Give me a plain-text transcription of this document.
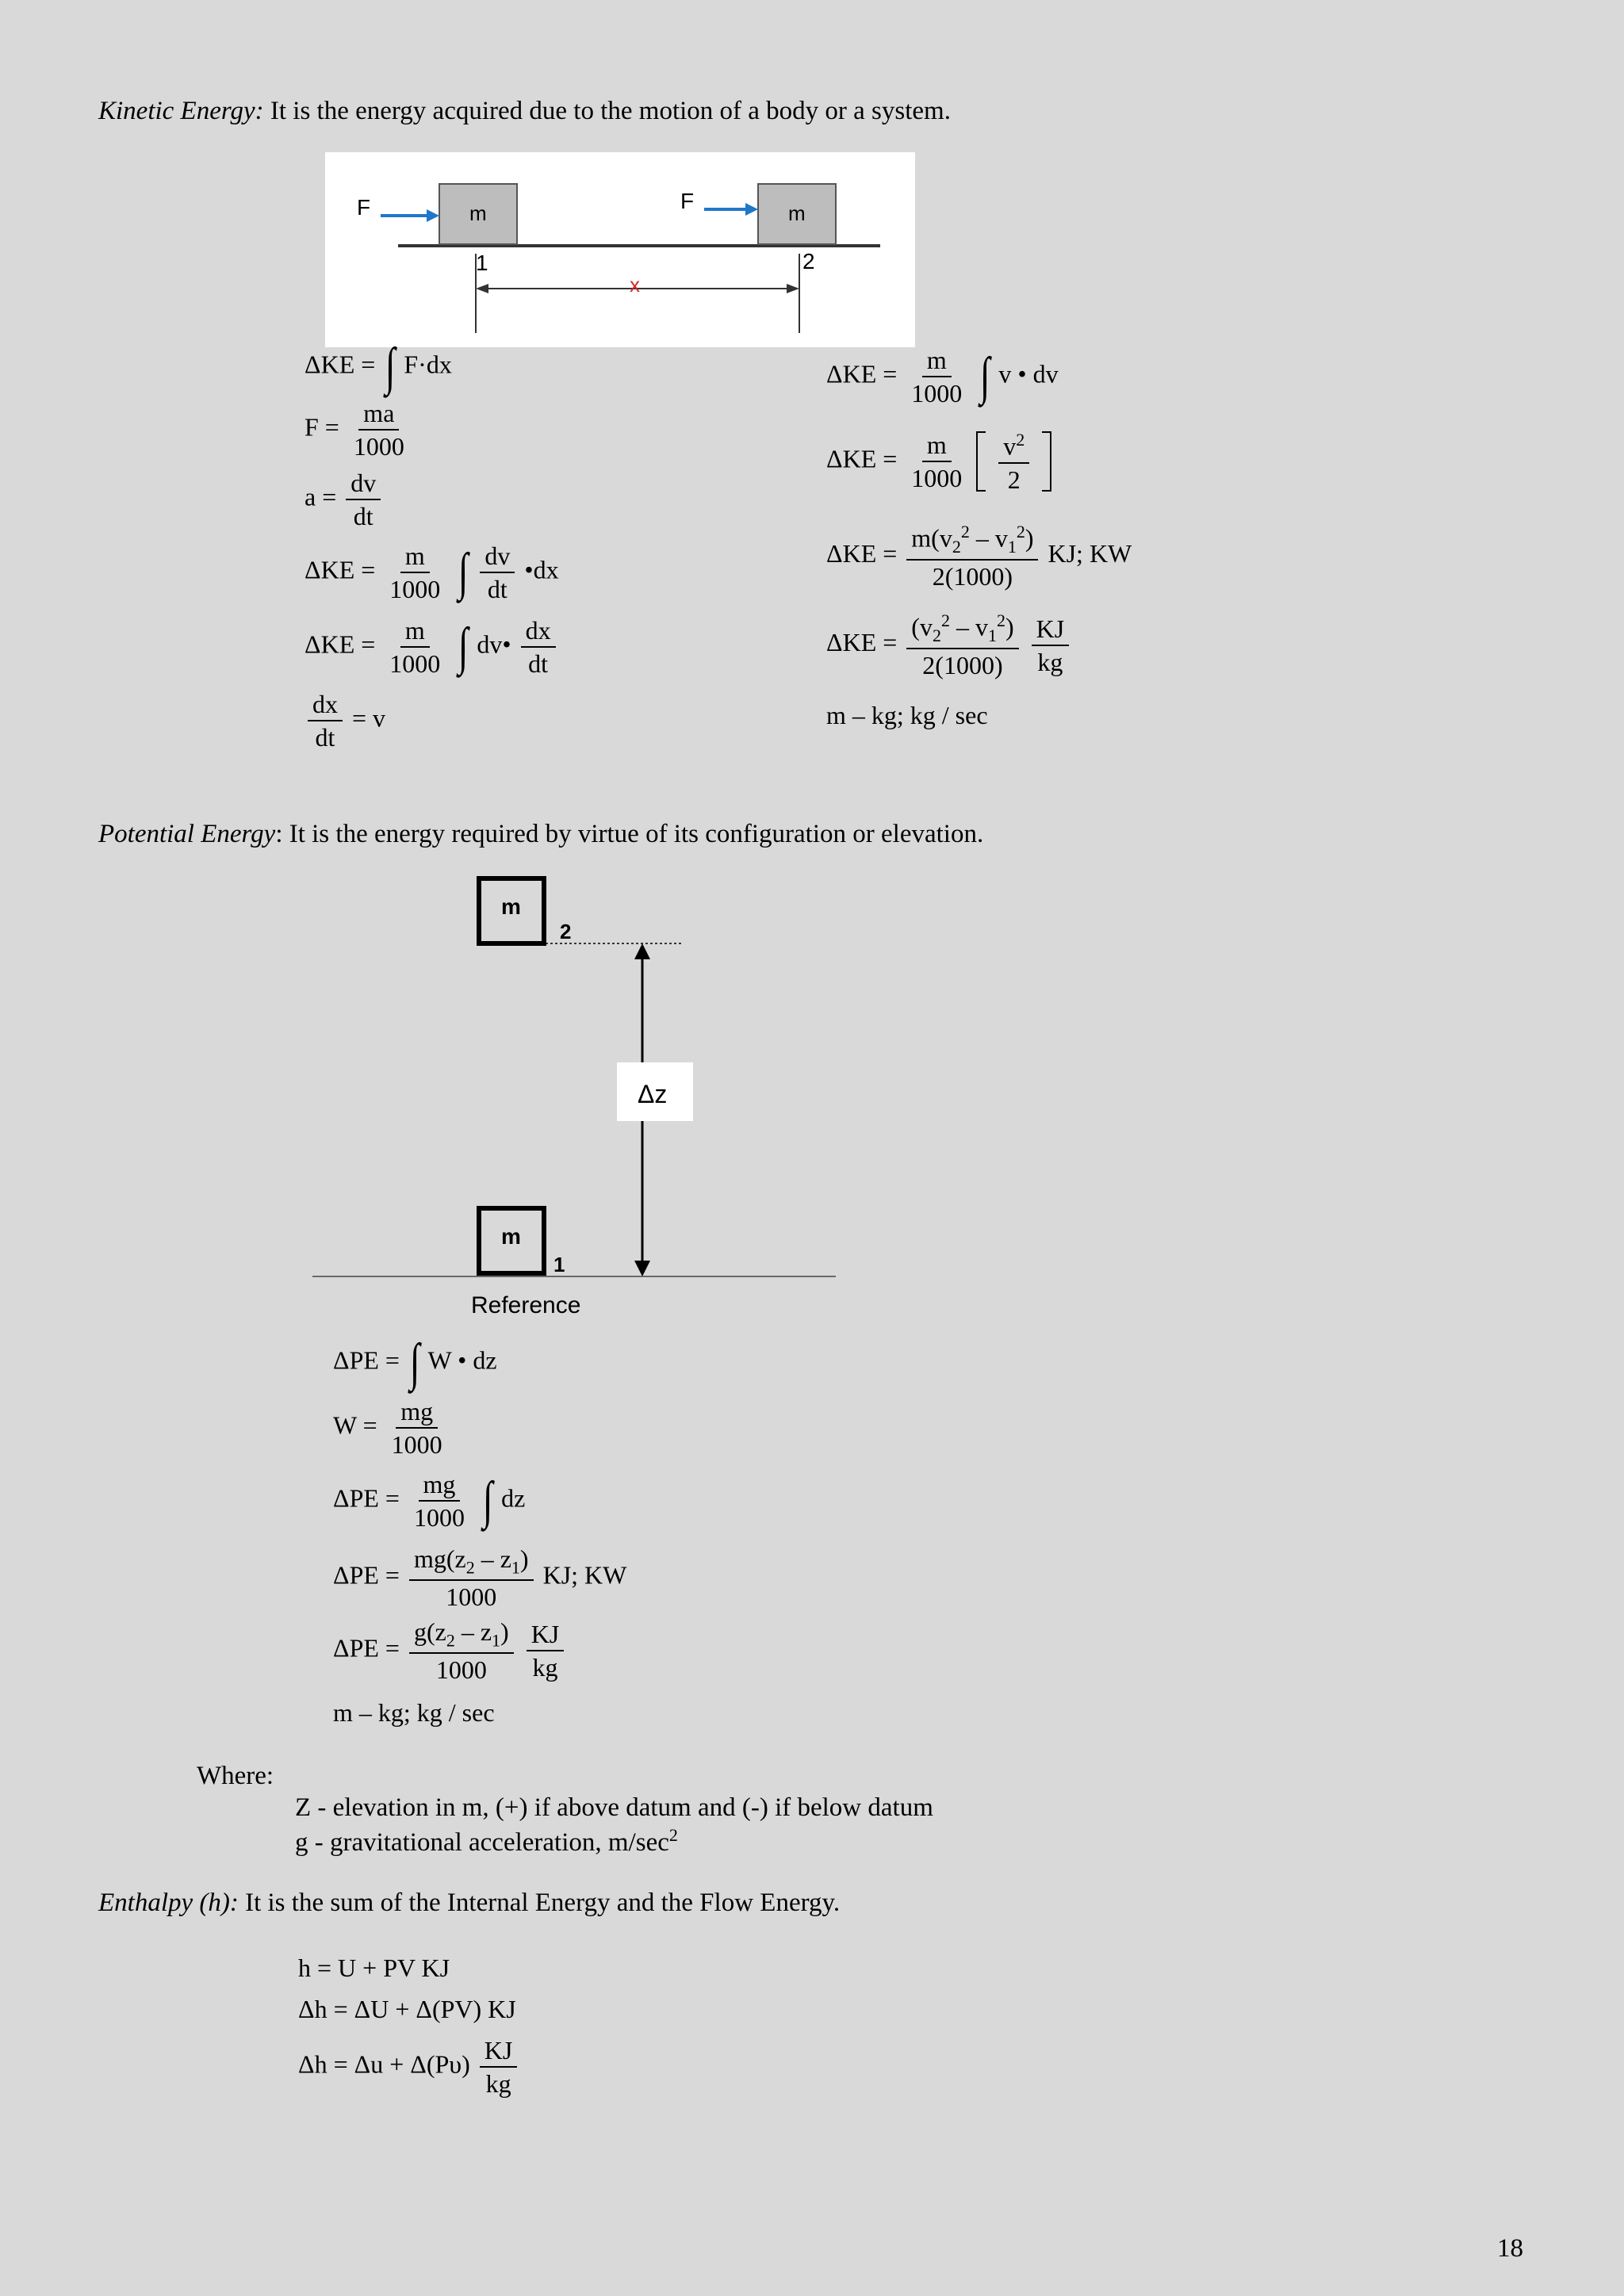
Kinetic Energy: It is the energy acquired due to the motion of a body or a system.
F	F
m	m
1	2
x
ΔKE = ∫ F·dx
$F = \frac{ma}{1000}$
$a = \frac{dv}{dt}$
$\Delta KE = \frac{m}{1000}$ ∫ $\frac{dv}{dt}$ •dx
$\Delta KE = \frac{m}{1000}$ ∫ dv• $\frac{dx}{dt}$
$\frac{dx}{dt} = v$
$\Delta KE = \frac{m}{1000}$ ∫ v • dv
$\Delta KE = \frac{m}{1000}$
$\frac{v^2}{2}$

$\Delta KE = \frac{m(v_2^2 - v_1^2)}{2(1000)}$ KJ; KW
$\Delta KE = \frac{(v_2^2 - v_1^2)}{2(1000)}$
$\frac{KJ}{kg}$
m – kg; kg / sec
Potential Energy: It is the energy required by virtue of its configuration or elevation.
m
2
Δz
m
1
Reference
ΔPE = ∫ W • dz
$W = \frac{mg}{1000}$
$\Delta PE = \frac{mg}{1000}$ ∫ dz
$\Delta PE = \frac{mg(z_2 - z_1)}{1000}$ KJ; KW
$\Delta PE = \frac{g(z_2 - z_1)}{1000}$
$\frac{KJ}{kg}$
m – kg; kg / sec
Where:
Z - elevation in m, (+) if above datum and (-) if below datum
g - gravitational acceleration, $m/\sec^2$
Enthalpy (h): It is the sum of the Internal Energy and the Flow Energy.
h = U + PV KJ
Δh = ΔU + Δ(PV) KJ
$\Delta h = \Delta u + \Delta(P\upsilon) \frac{KJ}{kg}$
18
